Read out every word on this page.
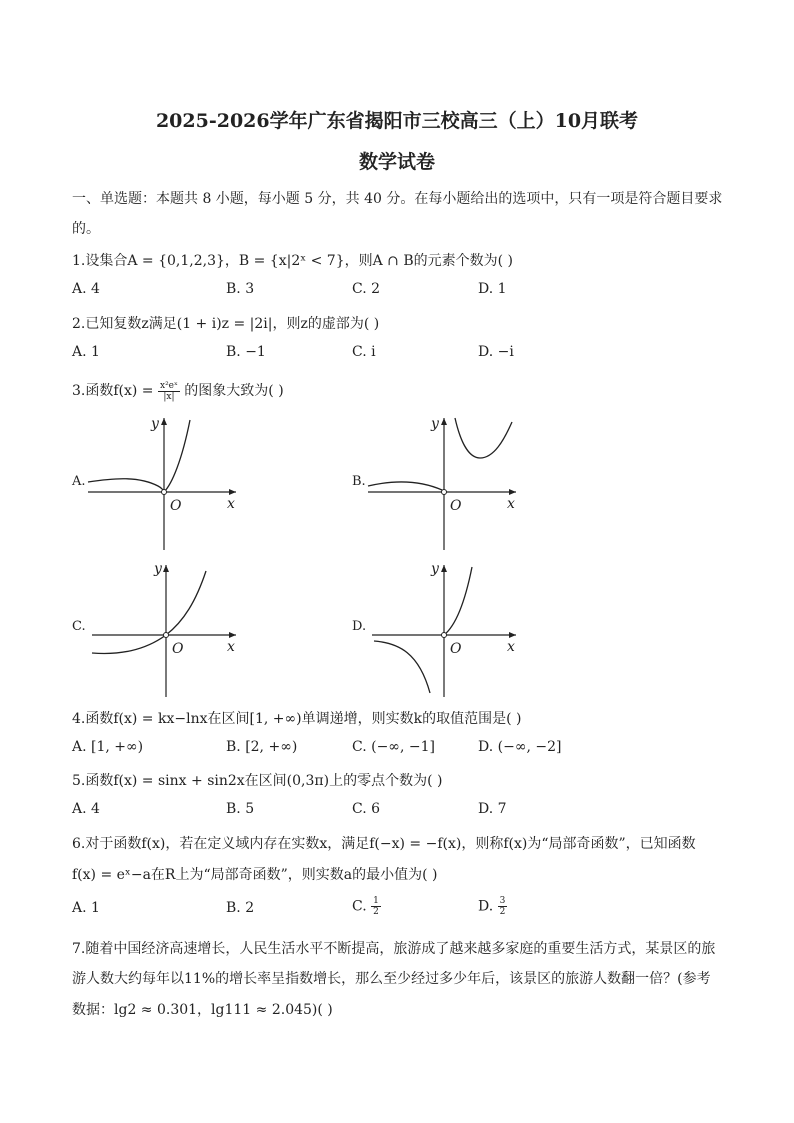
2025-2026学年广东省揭阳市三校高三（上）10月联考
数学试卷
一、单选题：本题共 8 小题，每小题 5 分，共 40 分。在每小题给出的选项中，只有一项是符合题目要求
的。
1.设集合A = {0,1,2,3}，B = {x|2ˣ < 7}，则A ∩ B的元素个数为( )
A. 4	B. 3	C. 2	D. 1
2.已知复数z满足(1 + i)z = |2i|，则z的虚部为( )
A. 1	B. −1	C. i	D. −i
3.函数$f(x) = \frac{\text{x²eˣ}}{|x|}$ 的图象大致为( )
A.
y
x
O
B.
y
x
O
C.
y
x
O
D.
y
x
O
4.函数f(x) = kx−lnx在区间[1, +∞)单调递增，则实数k的取值范围是( )
A. [1, +∞)	B. [2, +∞)	C. (−∞, −1]	D. (−∞, −2]
5.函数f(x) = sinx + sin2x在区间(0,3π)上的零点个数为( )
A. 4	B. 5	C. 6	D. 7
6.对于函数f(x)，若在定义域内存在实数x，满足f(−x) = −f(x)，则称f(x)为“局部奇函数”，已知函数
f(x) = eˣ−a在R上为“局部奇函数”，则实数a的最小值为( )
A. 1	B. 2	C. $\frac{1}{2}$	D. $\frac{3}{2}$
7.随着中国经济高速增长，人民生活水平不断提高，旅游成了越来越多家庭的重要生活方式，某景区的旅
游人数大约每年以11%的增长率呈指数增长，那么至少经过多少年后，该景区的旅游人数翻一倍？(参考
数据：lg2 ≈ 0.301，lg111 ≈ 2.045)( )
